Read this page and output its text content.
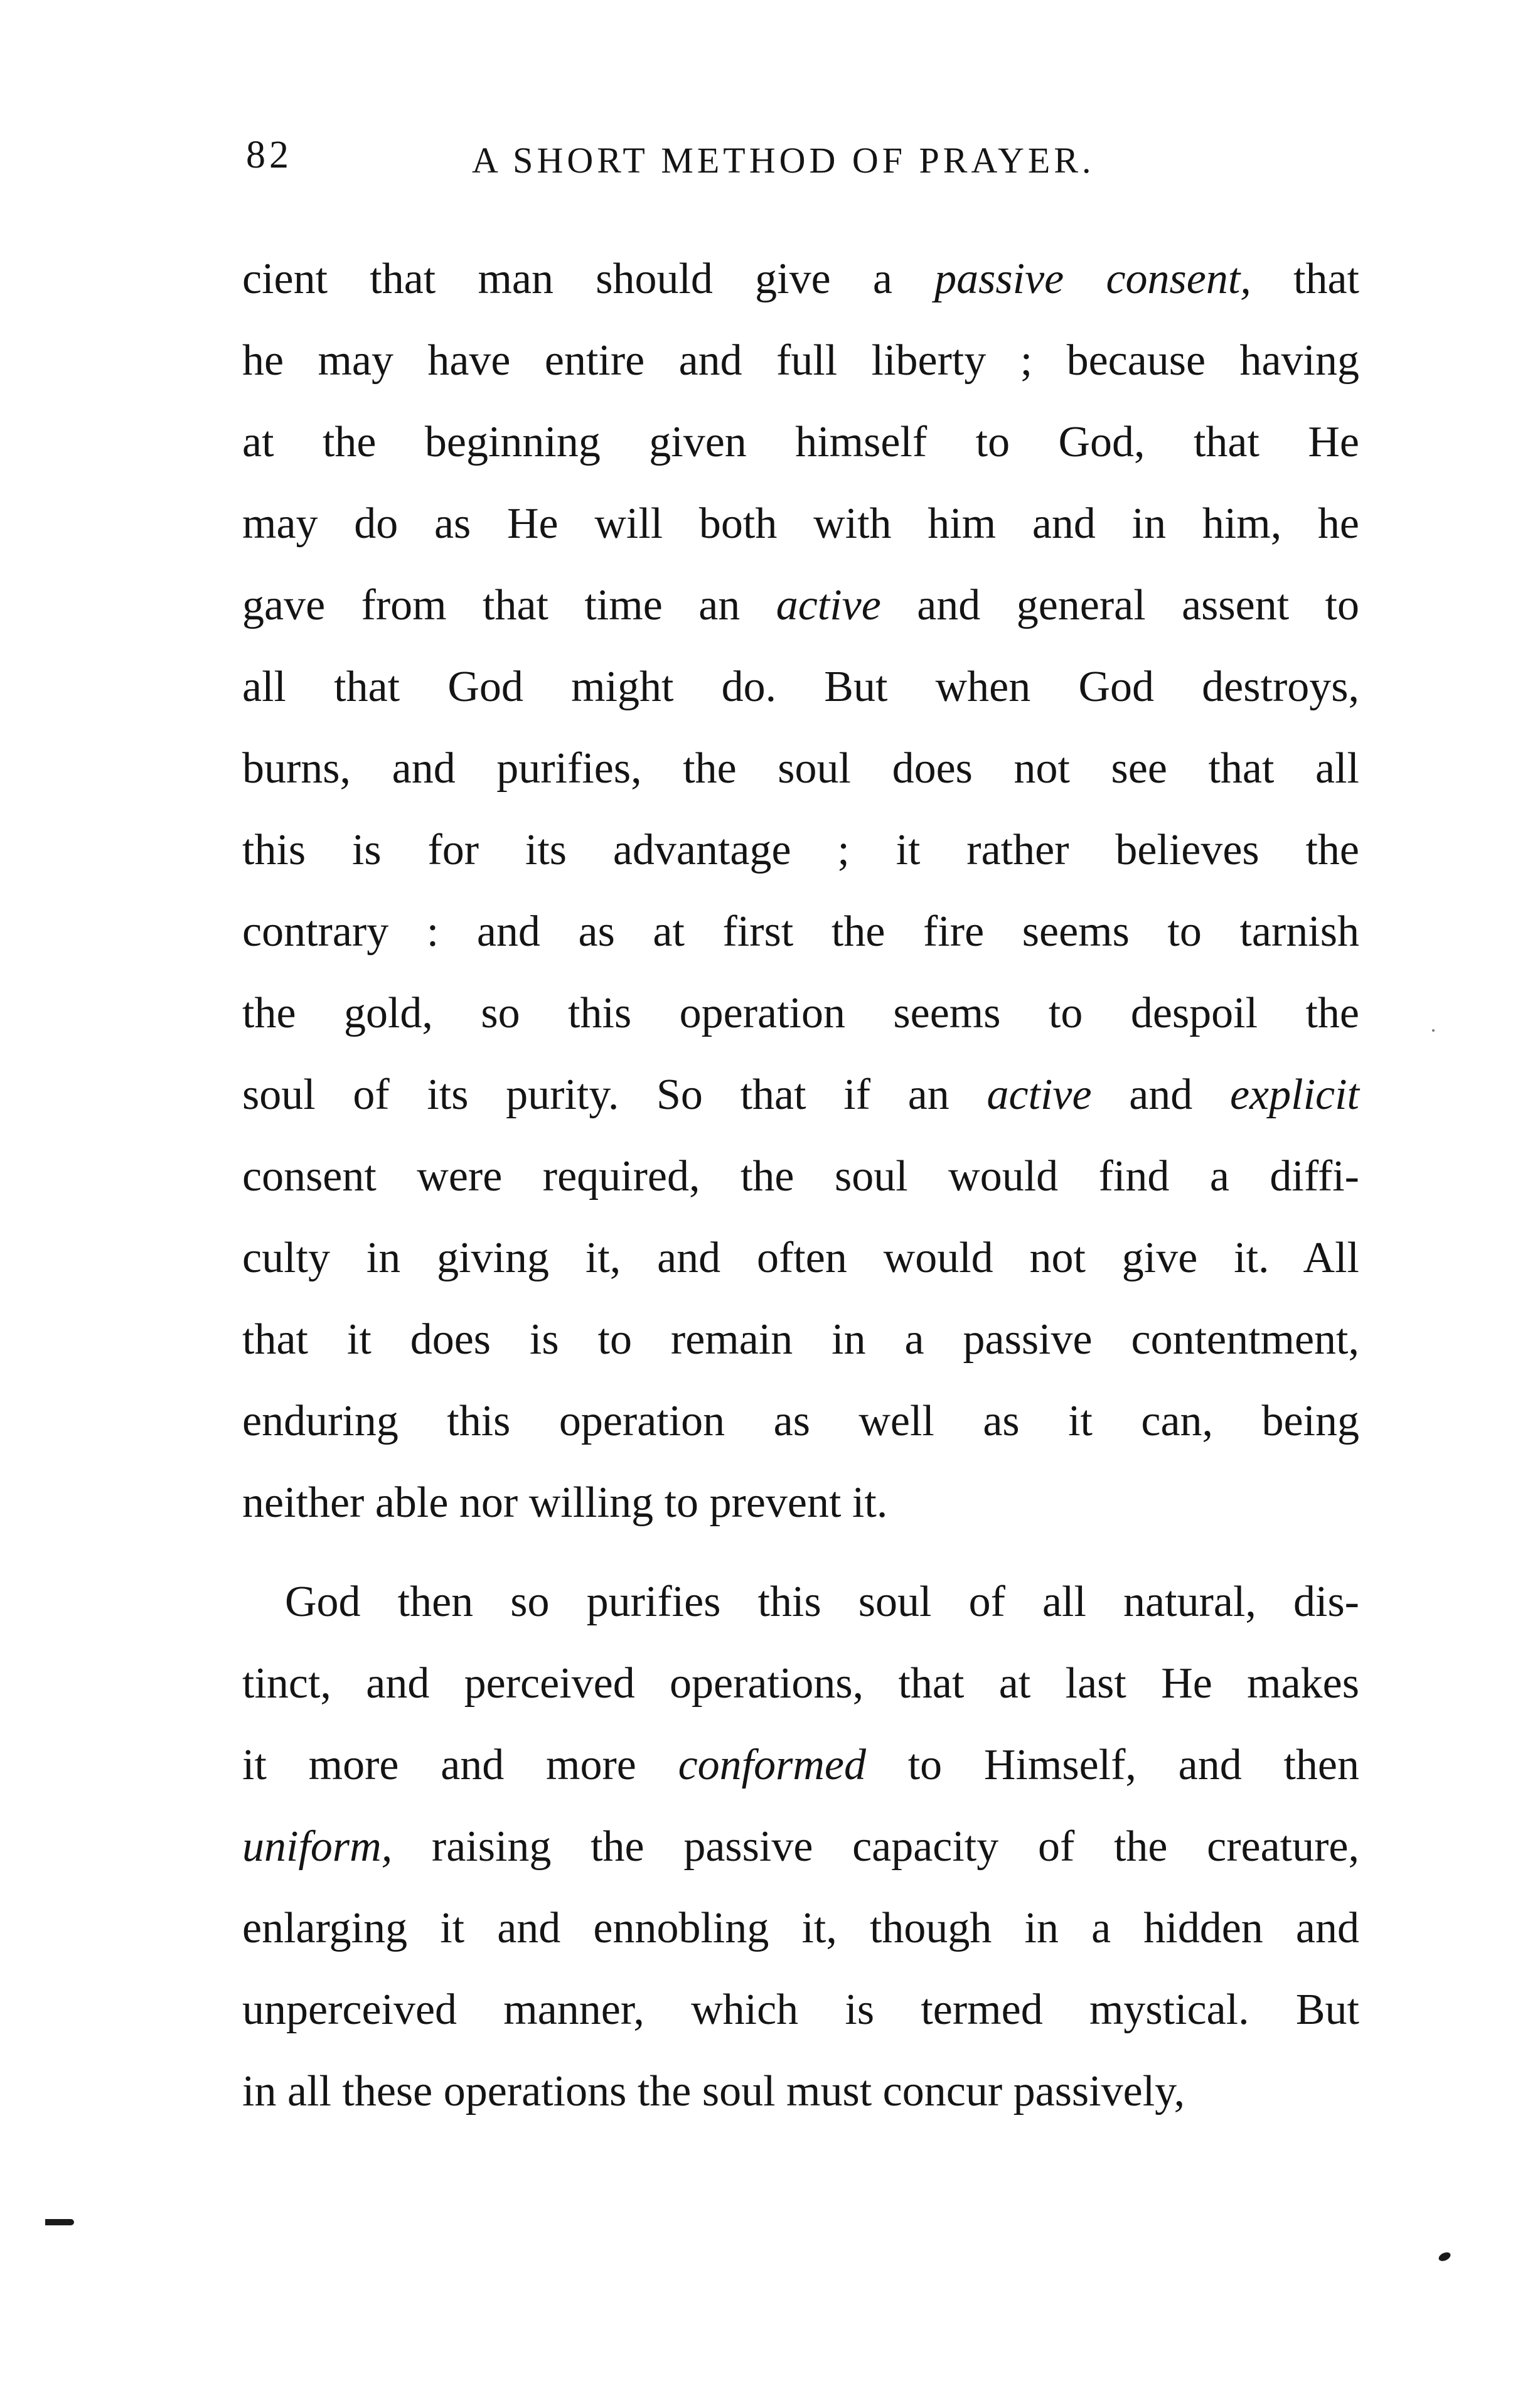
82	A SHORT METHOD OF PRAYER.
cient that man should give a passive consent, that
he may have entire and full liberty ; because having
at the beginning given himself to God, that He
may do as He will both with him and in him, he
gave from that time an active and general assent to
all that God might do. But when God destroys,
burns, and purifies, the soul does not see that all
this is for its advantage ; it rather believes the
contrary : and as at first the fire seems to tarnish
the gold, so this operation seems to despoil the
soul of its purity. So that if an active and explicit
consent were required, the soul would find a diffi-
culty in giving it, and often would not give it. All
that it does is to remain in a passive contentment,
enduring this operation as well as it can, being
neither able nor willing to prevent it.
God then so purifies this soul of all natural, dis-
tinct, and perceived operations, that at last He makes
it more and more conformed to Himself, and then
uniform, raising the passive capacity of the creature,
enlarging it and ennobling it, though in a hidden and
unperceived manner, which is termed mystical. But
in all these operations the soul must concur passively,
